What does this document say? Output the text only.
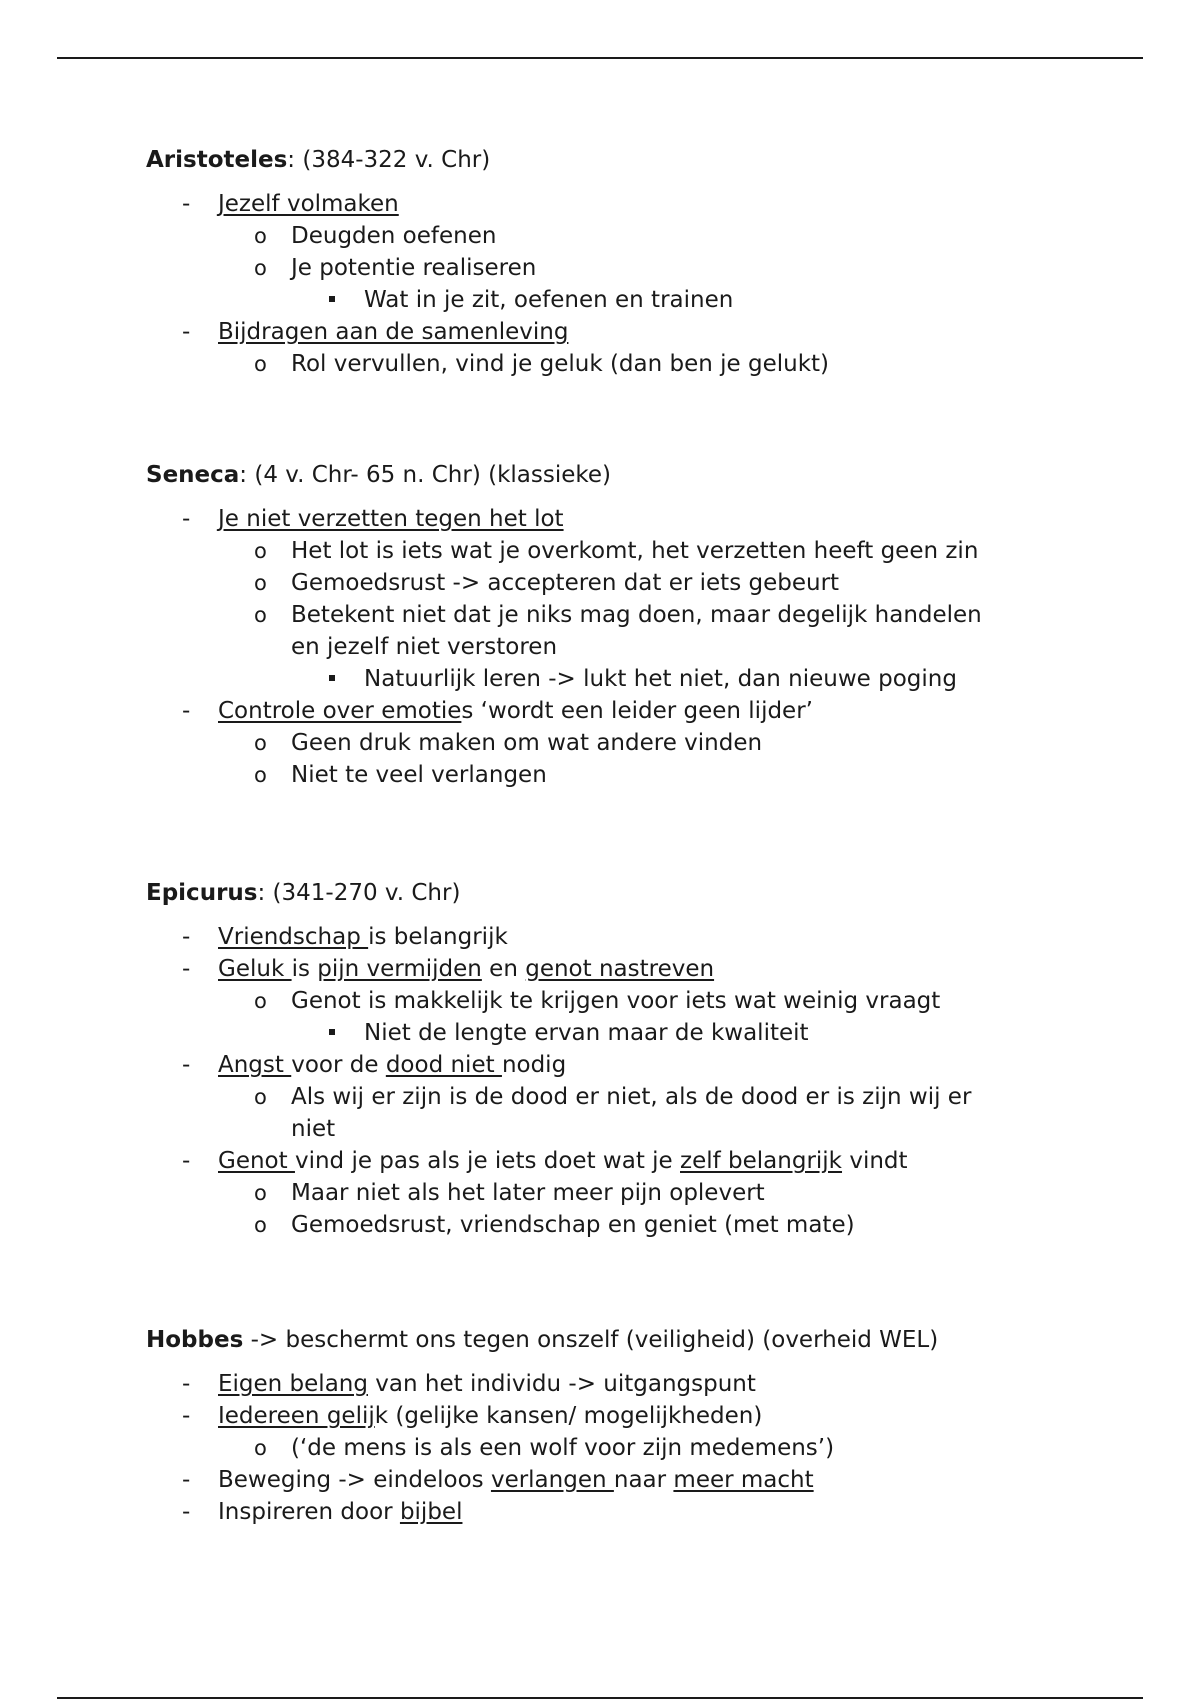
Aristoteles: (384-322 v. Chr)
- Jezelf volmaken
o Deugden oefenen
o Je potentie realiseren
Wat in je zit, oefenen en trainen
- Bijdragen aan de samenleving
o Rol vervullen, vind je geluk (dan ben je gelukt)
Seneca: (4 v. Chr- 65 n. Chr) (klassieke)
- Je niet verzetten tegen het lot
o Het lot is iets wat je overkomt, het verzetten heeft geen zin
o Gemoedsrust -> accepteren dat er iets gebeurt
o Betekent niet dat je niks mag doen, maar degelijk handelen
en jezelf niet verstoren
Natuurlijk leren -> lukt het niet, dan nieuwe poging
- Controle over emoties ‘wordt een leider geen lijder’
o Geen druk maken om wat andere vinden
o Niet te veel verlangen
Epicurus: (341-270 v. Chr)
- Vriendschap is belangrijk
- Geluk is pijn vermijden en genot nastreven
o Genot is makkelijk te krijgen voor iets wat weinig vraagt
Niet de lengte ervan maar de kwaliteit
- Angst voor de dood niet nodig
o Als wij er zijn is de dood er niet, als de dood er is zijn wij er
niet
- Genot vind je pas als je iets doet wat je zelf belangrijk vindt
o Maar niet als het later meer pijn oplevert
o Gemoedsrust, vriendschap en geniet (met mate)
Hobbes -> beschermt ons tegen onszelf (veiligheid) (overheid WEL)
- Eigen belang van het individu -> uitgangspunt
- Iedereen gelijk (gelijke kansen/ mogelijkheden)
o (‘de mens is als een wolf voor zijn medemens’)
- Beweging -> eindeloos verlangen naar meer macht
- Inspireren door bijbel
